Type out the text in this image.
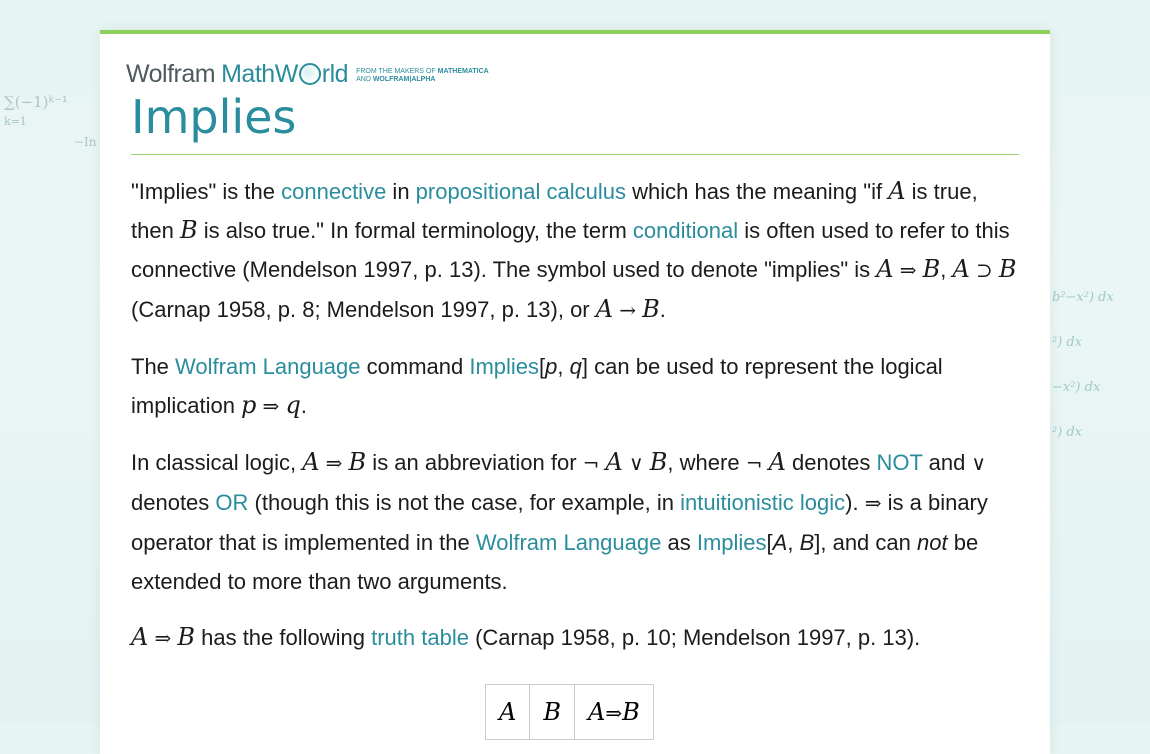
∑(−1)ᵏ⁻¹
k=1
−In
b²−x²) dx
²) dx
−x²) dx
²) dx
Wolfram MathW rld FROM THE MAKERS OF MATHEMATICA
AND WOLFRAM|ALPHA
Implies

"Implies" is the connective in propositional calculus which has the meaning "if A is true, then B is also true." In formal terminology, the term conditional is often used to refer to this connective (Mendelson 1997, p. 13). The symbol used to denote "implies" is A ⇒ B, A ⊃ B (Carnap 1958, p. 8; Mendelson 1997, p. 13), or A → B.

The Wolfram Language command Implies[p, q] can be used to represent the logical implication p ⇒ q.

In classical logic, A ⇒ B is an abbreviation for ¬ A ∨ B, where ¬ A denotes NOT and ∨ denotes OR (though this is not the case, for example, in intuitionistic logic). ⇒ is a binary operator that is implemented in the Wolfram Language as Implies[A, B], and can not be extended to more than two arguments.

A ⇒ B has the following truth table (Carnap 1958, p. 10; Mendelson 1997, p. 13).

A	B	A⇒B
